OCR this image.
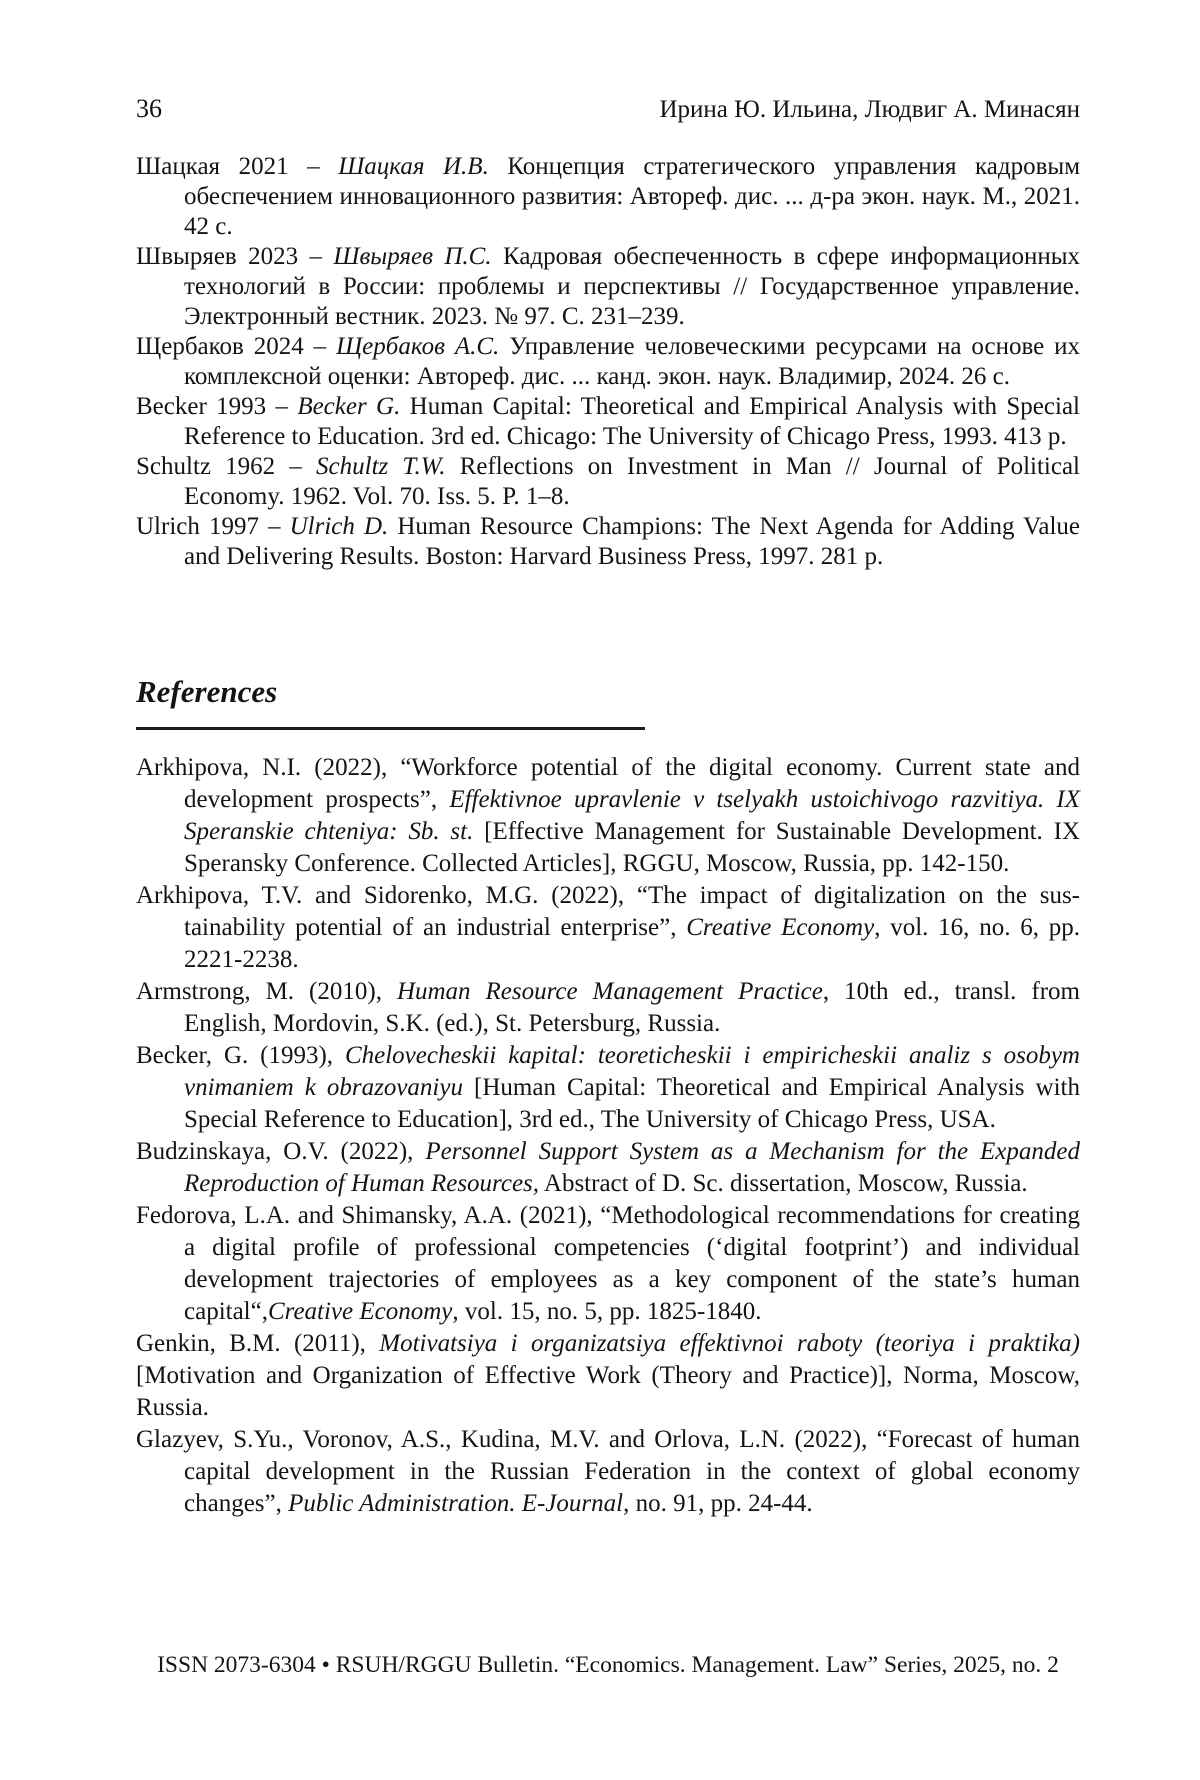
36	Ирина Ю. Ильина, Людвиг А. Минасян

Шацкая 2021 – Шацкая И.В. Концепция стратегического управления кадровым обеспечением инновационного развития: Автореф. дис. ... д-ра экон. наук. М., 2021. 42 с.

Швыряев 2023 – Швыряев П.С. Кадровая обеспеченность в сфере информационных технологий в России: проблемы и перспективы // Государственное управление. Электронный вестник. 2023. № 97. С. 231–239.

Щербаков 2024 – Щербаков А.С. Управление человеческими ресурсами на основе их комплексной оценки: Автореф. дис. ... канд. экон. наук. Владимир, 2024. 26 с.

Becker 1993 – Becker G. Human Capital: Theoretical and Empirical Analysis with Special Reference to Education. 3rd ed. Chicago: The University of Chicago Press, 1993. 413 p.

Schultz 1962 – Schultz T.W. Reflections on Investment in Man // Journal of Political Economy. 1962. Vol. 70. Iss. 5. P. 1–8.

Ulrich 1997 – Ulrich D. Human Resource Champions: The Next Agenda for Adding Value and Delivering Results. Boston: Harvard Business Press, 1997. 281 p.

References

Arkhipova, N.I. (2022), “Workforce potential of the digital economy. Current state and development prospects”, Effektivnoe upravlenie v tselyakh ustoichivogo razvitiya. IX Speranskie chteniya: Sb. st. [Effective Management for Sustainable Development. IX Speransky Conference. Collected Articles], RGGU, Moscow, Russia, pp. 142-150.

Arkhipova, T.V. and Sidorenko, M.G. (2022), “The impact of digitalization on the sustainability potential of an industrial enterprise”, Creative Economy, vol. 16, no. 6, pp. 2221-2238.

Armstrong, M. (2010), Human Resource Management Practice, 10th ed., transl. from English, Mordovin, S.K. (ed.), St. Petersburg, Russia.

Becker, G. (1993), Chelovecheskii kapital: teoreticheskii i empiricheskii analiz s osobym vnimaniem k obrazovaniyu [Human Capital: Theoretical and Empirical Analysis with Special Reference to Education], 3rd ed., The University of Chicago Press, USA.

Budzinskaya, O.V. (2022), Personnel Support System as a Mechanism for the Expanded Reproduction of Human Resources, Abstract of D. Sc. dissertation, Moscow, Russia.

Fedorova, L.A. and Shimansky, A.A. (2021), “Methodological recommendations for creating a digital profile of professional competencies (‘digital footprint’) and individual development trajectories of employees as a key component of the state’s human capital“,Creative Economy, vol. 15, no. 5, pp. 1825-1840.

Genkin, B.M. (2011), Motivatsiya i organizatsiya effektivnoi raboty (teoriya i praktika) [Motivation and Organization of Effective Work (Theory and Practice)], Norma, Moscow, Russia.

Glazyev, S.Yu., Voronov, A.S., Kudina, M.V. and Orlova, L.N. (2022), “Forecast of human capital development in the Russian Federation in the context of global economy changes”, Public Administration. E-Journal, no. 91, pp. 24-44.

ISSN 2073-6304 • RSUH/RGGU Bulletin. “Economics. Management. Law” Series, 2025, no. 2
